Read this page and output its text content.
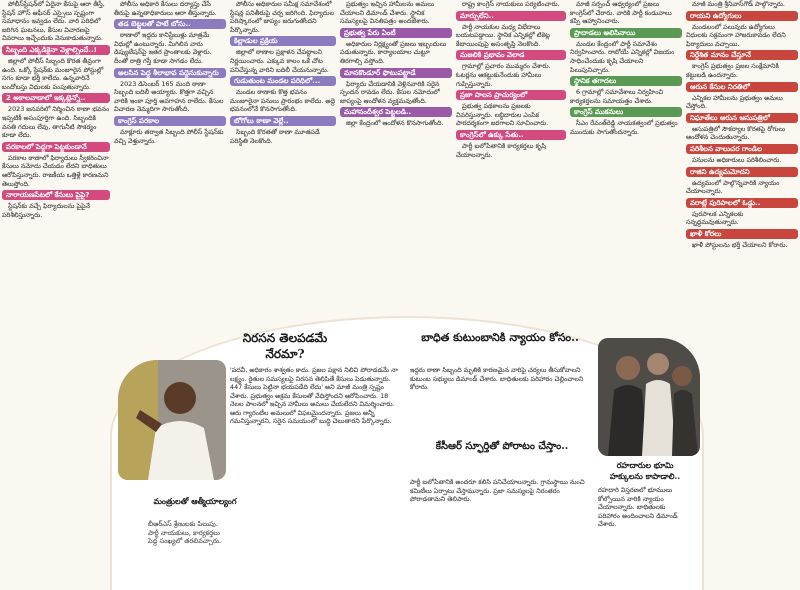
పోలీస్‌స్టేషన్‌లో ఏదైనా కేసుపై ఆరా తీస్తే, స్టేషన్ హౌస్ ఆఫీసర్ ఎస్సైలు స్పష్టంగా సమాధానం ఇవ్వడం లేదు. వారి పరిధిలో జరిగిన ఘటనలు, కేసుల విచారణపై వివరాలు ఇచ్చేందుకు వెనుకాడుతున్నారు.

సిబ్బంది ఎక్కడికైనా వెళ్లాల్సిందే..!

జిల్లాలో పోలీస్ సిబ్బంది కొరత తీవ్రంగా ఉంది. ఒక్కో స్టేషన్‌కు మంజూరైన పోస్టుల్లో సగం కూడా భర్తీ కాలేదు. ఉన్నవారినే బందోబస్తు విధులకు పంపుతున్నారు.

2 అకాలవాడాలో ఇక్కట్లెన్నో..

2023 జనవరిలో నిర్మించిన ఠాణా భవనం ఇప్పటికీ అసంపూర్తిగా ఉంది. సిబ్బందికి వసతి గదులు లేవు, తాగునీటి సౌకర్యం కూడా లేదు.

పరకాలలో పెద్దగా పెట్టకుండానే

పరకాల ఠాణాలో ఫిర్యాదులు స్వీకరించినా కేసులు నమోదు చేయడం లేదని బాధితులు ఆరోపిస్తున్నారు. రాజకీయ ఒత్తిళ్లే కారణమని తెలుస్తోంది.

నారాయణపేటలో కేసులు పైపై?

స్టేషన్‌కు వచ్చే ఫిర్యాదులను పైపైనే పరిశీలిస్తున్నారు.

పోలీసు అధికారి కేసులు దర్యాప్తు చేసే తీరుపై ఉన్నతాధికారులు ఆరా తీస్తున్నారు.

తడ బెట్టలతో పాటే బోసు..

ఠాణాలో ఇద్దరు కానిస్టేబుళ్లు మాత్రమే విధుల్లో ఉంటున్నారు. మిగిలిన వారు డిప్యుటేషన్‌పై ఇతర ప్రాంతాలకు వెళ్లారు. దీంతో రాత్రి గస్తీ కూడా సాగడం లేదు.

అలసిన పెద్ద శీలాభావ పద్దెనుకున్నారు

2023 డిసెంబర్ 165 మంది ఠాణా సిబ్బంది బదిలీ అయ్యారు. కొత్తగా వచ్చిన వారికి ఇంకా పూర్తి అవగాహన రాలేదు. కేసుల విచారణ నెమ్మదిగా సాగుతోంది.

కాంగ్రెస్ పరకాల

మాక్లూరు తర్వాత సిబ్బంది పోలీస్ స్టేషన్‌కు వచ్చి వెళ్తున్నారు.

పోలీసు అధికారుల సమీక్ష సమావేశంలో స్టేషన్ల పనితీరుపై చర్చ జరిగింది. ఫిర్యాదుల పరిష్కారంలో జాప్యం జరుగుతోందని పేర్కొన్నారు.

కిల్లాడుల ప్రక్రియ

జిల్లాలో ఠాణాల ప్రక్షాళన చేపట్టాలని నిర్ణయించారు. ఎక్కువ కాలం ఒకే చోట పనిచేస్తున్న వారిని బదిలీ చేయనున్నారు.

గుడుతుంట మండల పరిధిలో...

మండల ఠాణాకు కొత్త భవనం మంజూరైనా పనులు ప్రారంభం కాలేదు. అద్దె భవనంలోనే కొనసాగుతోంది.

బోగోలు ఠాణా వెల్లే..

సిబ్బంది కొరతతో ఠాణా మూతపడే పరిస్థితి నెలకొంది.

ప్రభుత్వం ఇచ్చిన హామీలను అమలు చేయాలని డిమాండ్ చేశారు. స్థానిక సమస్యలపై వినతిపత్రం అందజేశారు.

ప్రభుత్వ పేరు ఏంటీ

అధికారుల నిర్లక్ష్యంతో ప్రజలు ఇబ్బందులు పడుతున్నారు. కార్యాలయాల చుట్టూ తిరగాల్సి వస్తోంది.

మానకొండూర్ ఫొటుపట్టాడే

ఫిర్యాదు చేయడానికి వెళ్లినవారికి సరైన స్పందన రావడం లేదు. కేసుల నమోదులో జాప్యంపై ఆందోళన వ్యక్తమవుతోంది.

మహానందీశ్వర పెట్టలడి..

జిల్లా కేంద్రంలో ఆందోళన కొనసాగుతోంది.

రాష్ట్ర కాంగ్రెస్ నాయకులు పర్యటించారు.

మార్పులేని..

పార్టీ నాయకుల మధ్య విభేదాలు బయటపడ్డాయి. స్థానిక ఎన్నికల్లో టికెట్ల కేటాయింపుపై అసంతృప్తి నెలకొంది.

మజలికి ప్రభావం వెలాడ

గ్రామాల్లో ప్రచారం ముమ్మరం చేశారు. ఓటర్లను ఆకట్టుకునేందుకు హామీలు గుప్పిస్తున్నారు.

ప్రజా పాలన ప్రాచుర్యంలో

ప్రభుత్వ పథకాలను ప్రజలకు వివరిస్తున్నారు. లబ్ధిదారుల ఎంపిక పారదర్శకంగా జరగాలని సూచించారు.

కాంగ్రెస్‌లో ఉక్కు సేతు..

పార్టీ బలోపేతానికి కార్యకర్తలు కృషి చేయాలన్నారు.

మాజీ సర్పంచ్ ఆధ్వర్యంలో ప్రజలు కాంగ్రెస్‌లో చేరారు. వారికి పార్టీ కండువాలు కప్పి ఆహ్వానించారు.

ప్రాదాడలు అలిసినాయి

మండల కేంద్రంలో పార్టీ సమావేశం నిర్వహించారు. రాబోయే ఎన్నికల్లో విజయం సాధించేందుకు కృషి చేయాలని పిలుపునిచ్చారు.

స్థానిక తగాదలు

6 గ్రామాల్లో సమావేశాలు నిర్వహించి కార్యకర్తలను సమాయత్తం చేశారు.

కాంగ్రెస్ ముకనులు

సీఎం రేవంత్‌రెడ్డి నాయకత్వంలో ప్రభుత్వం ముందుకు సాగుతోందన్నారు.

మాజీ మంత్రి శ్రీనివాస్‌గౌడ్ పాల్గొన్నారు.

రాయని ఉద్యోగులు

మండలంలో పలువురు ఉద్యోగులు విధులకు సక్రమంగా హాజరుకావడం లేదని ఫిర్యాదులు వచ్చాయి.

నిర్దేశిత మానం చేస్తూనే

కాంగ్రెస్ ప్రభుత్వం ప్రజల సంక్షేమానికి కట్టుబడి ఉందన్నారు.

ఆరున కేసుల నిరతిలో

ఎన్నికల హామీలను ప్రభుత్వం అమలు చేస్తోంది.

నిఘాతేలు ఆరున ఆసుపత్రిలో

ఆసుపత్రిలో సౌకర్యాల కొరతపై రోగులు ఆందోళన చెందుతున్నారు.

పరిశీలన వాలుచర గాండిల

పనులను అధికారులు పరిశీలించారు.

రాజిని ఉద్యమమోదని

ఉద్యమంలో పాల్గొన్నవారికి న్యాయం చేయాలన్నారు.

వరాట్లే పురిపాలలో ఓడ్డు..

పురపాలక ఎన్నికలకు సన్నద్ధమవుతున్నారు.

ఖాళీ కోరలు

ఖాళీ పోస్టులను భర్తీ చేయాలని కోరారు.

నిరసన తెలపడమే నేరమా?
'పదవీ, అధికారం శాశ్వతం కాదు. ప్రజల పక్షాన నిలిచి పోరాడడమే నా లక్ష్యం. రైతుల సమస్యలపై నిరసన తెలిపితే కేసులు పెడుతున్నారు. 447 కేసులు పెట్టినా భయపడేది లేదు' అని మాజీ మంత్రి స్పష్టం చేశారు. ప్రభుత్వం అక్రమ కేసులతో వేధిస్తోందని ఆరోపించారు. 18 నెలల పాలనలో ఇచ్చిన హామీలు అమలు చేయలేదని విమర్శించారు. ఆరు గ్యారంటీల అమలులో విఫలమైందన్నారు. ప్రజలు అన్నీ గమనిస్తున్నారని, సరైన సమయంలో బుద్ధి చెబుతారని పేర్కొన్నారు.
మంత్రులతో ఆత్మీయాల్యంగ
బీఆర్ఎస్ శ్రేణులకు పిలుపు. పార్టీ నాయకులు, కార్యకర్తలు పెద్ద సంఖ్యలో తరలివచ్చారు.
బాధిత కుటుంబానికి న్యాయం కోసం..
ఇద్దరు ఠాణా సిబ్బంది మృతికి కారణమైన వారిపై చర్యలు తీసుకోవాలని కుటుంబ సభ్యులు డిమాండ్ చేశారు. బాధితులకు పరిహారం చెల్లించాలని కోరారు.
కేసీఆర్ స్ఫూర్తితో పోరాటం చేస్తాం..
పార్టీ బలోపేతానికి అందరూ కలిసి పనిచేయాలన్నారు. గ్రామస్థాయి నుంచి కమిటీలు ఏర్పాటు చేస్తామన్నారు. ప్రజా సమస్యలపై నిరంతరం పోరాడతామని తెలిపారు.
రహదారుల భూమి హక్కులను కాపాడాలి..
రహదారి విస్తరణలో భూములు కోల్పోయిన వారికి న్యాయం చేయాలన్నారు. బాధితులకు పరిహారం అందించాలని డిమాండ్ చేశారు.
